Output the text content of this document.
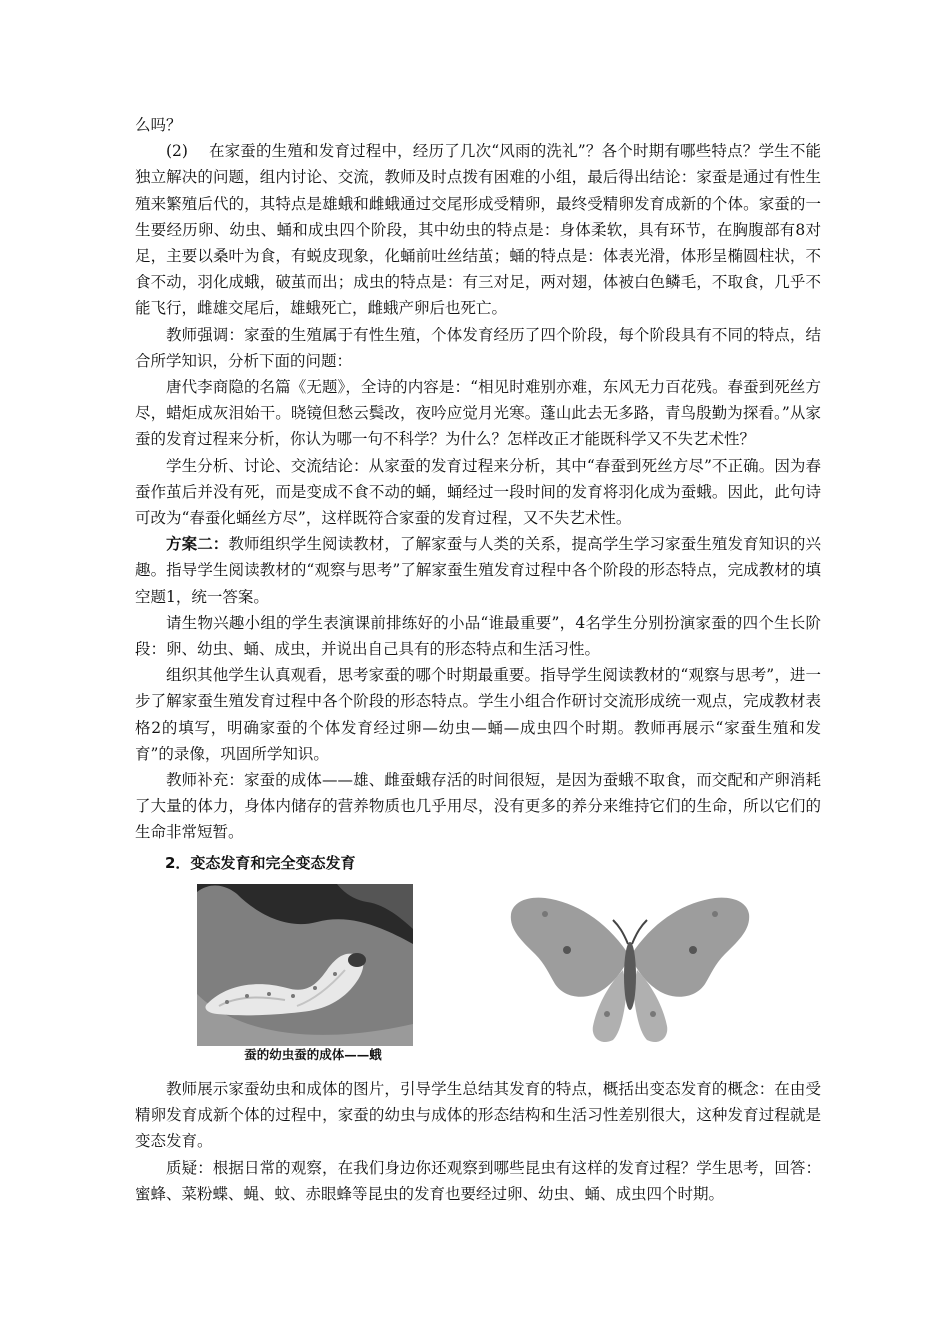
么吗？

(2)　 在家蚕的生殖和发育过程中，经历了几次“风雨的洗礼”？各个时期有哪些特点？学生不能独立解决的问题，组内讨论、交流，教师及时点拨有困难的小组，最后得出结论：家蚕是通过有性生殖来繁殖后代的，其特点是雄蛾和雌蛾通过交尾形成受精卵，最终受精卵发育成新的个体。家蚕的一生要经历卵、幼虫、蛹和成虫四个阶段，其中幼虫的特点是：身体柔软，具有环节，在胸腹部有8对足，主要以桑叶为食，有蜕皮现象，化蛹前吐丝结茧；蛹的特点是：体表光滑，体形呈椭圆柱状，不食不动，羽化成蛾，破茧而出；成虫的特点是：有三对足，两对翅，体被白色鳞毛，不取食，几乎不能飞行，雌雄交尾后，雄蛾死亡，雌蛾产卵后也死亡。

教师强调：家蚕的生殖属于有性生殖，个体发育经历了四个阶段，每个阶段具有不同的特点，结合所学知识，分析下面的问题：

唐代李商隐的名篇《无题》，全诗的内容是：“相见时难别亦难，东风无力百花残。春蚕到死丝方尽，蜡炬成灰泪始干。晓镜但愁云鬓改，夜吟应觉月光寒。蓬山此去无多路，青鸟殷勤为探看。”从家蚕的发育过程来分析，你认为哪一句不科学？为什么？怎样改正才能既科学又不失艺术性？

学生分析、讨论、交流结论：从家蚕的发育过程来分析，其中“春蚕到死丝方尽”不正确。因为春蚕作茧后并没有死，而是变成不食不动的蛹，蛹经过一段时间的发育将羽化成为蚕蛾。因此，此句诗可改为“春蚕化蛹丝方尽”，这样既符合家蚕的发育过程，又不失艺术性。

方案二：教师组织学生阅读教材，了解家蚕与人类的关系，提高学生学习家蚕生殖发育知识的兴趣。指导学生阅读教材的“观察与思考”了解家蚕生殖发育过程中各个阶段的形态特点，完成教材的填空题1，统一答案。

请生物兴趣小组的学生表演课前排练好的小品“谁最重要”，4名学生分别扮演家蚕的四个生长阶段：卵、幼虫、蛹、成虫，并说出自己具有的形态特点和生活习性。

组织其他学生认真观看，思考家蚕的哪个时期最重要。指导学生阅读教材的“观察与思考”，进一步了解家蚕生殖发育过程中各个阶段的形态特点。学生小组合作研讨交流形成统一观点，完成教材表格2的填写，明确家蚕的个体发育经过卵—幼虫—蛹—成虫四个时期。教师再展示“家蚕生殖和发育”的录像，巩固所学知识。

教师补充：家蚕的成体——雄、雌蚕蛾存活的时间很短，是因为蚕蛾不取食，而交配和产卵消耗了大量的体力，身体内储存的营养物质也几乎用尽，没有更多的养分来维持它们的生命，所以它们的生命非常短暂。

2．变态发育和完全变态发育
蚕的幼虫蚕的成体——蛾

教师展示家蚕幼虫和成体的图片，引导学生总结其发育的特点，概括出变态发育的概念：在由受精卵发育成新个体的过程中，家蚕的幼虫与成体的形态结构和生活习性差别很大，这种发育过程就是变态发育。

质疑：根据日常的观察，在我们身边你还观察到哪些昆虫有这样的发育过程？学生思考，回答：蜜蜂、菜粉蝶、蝇、蚊、赤眼蜂等昆虫的发育也要经过卵、幼虫、蛹、成虫四个时期。
